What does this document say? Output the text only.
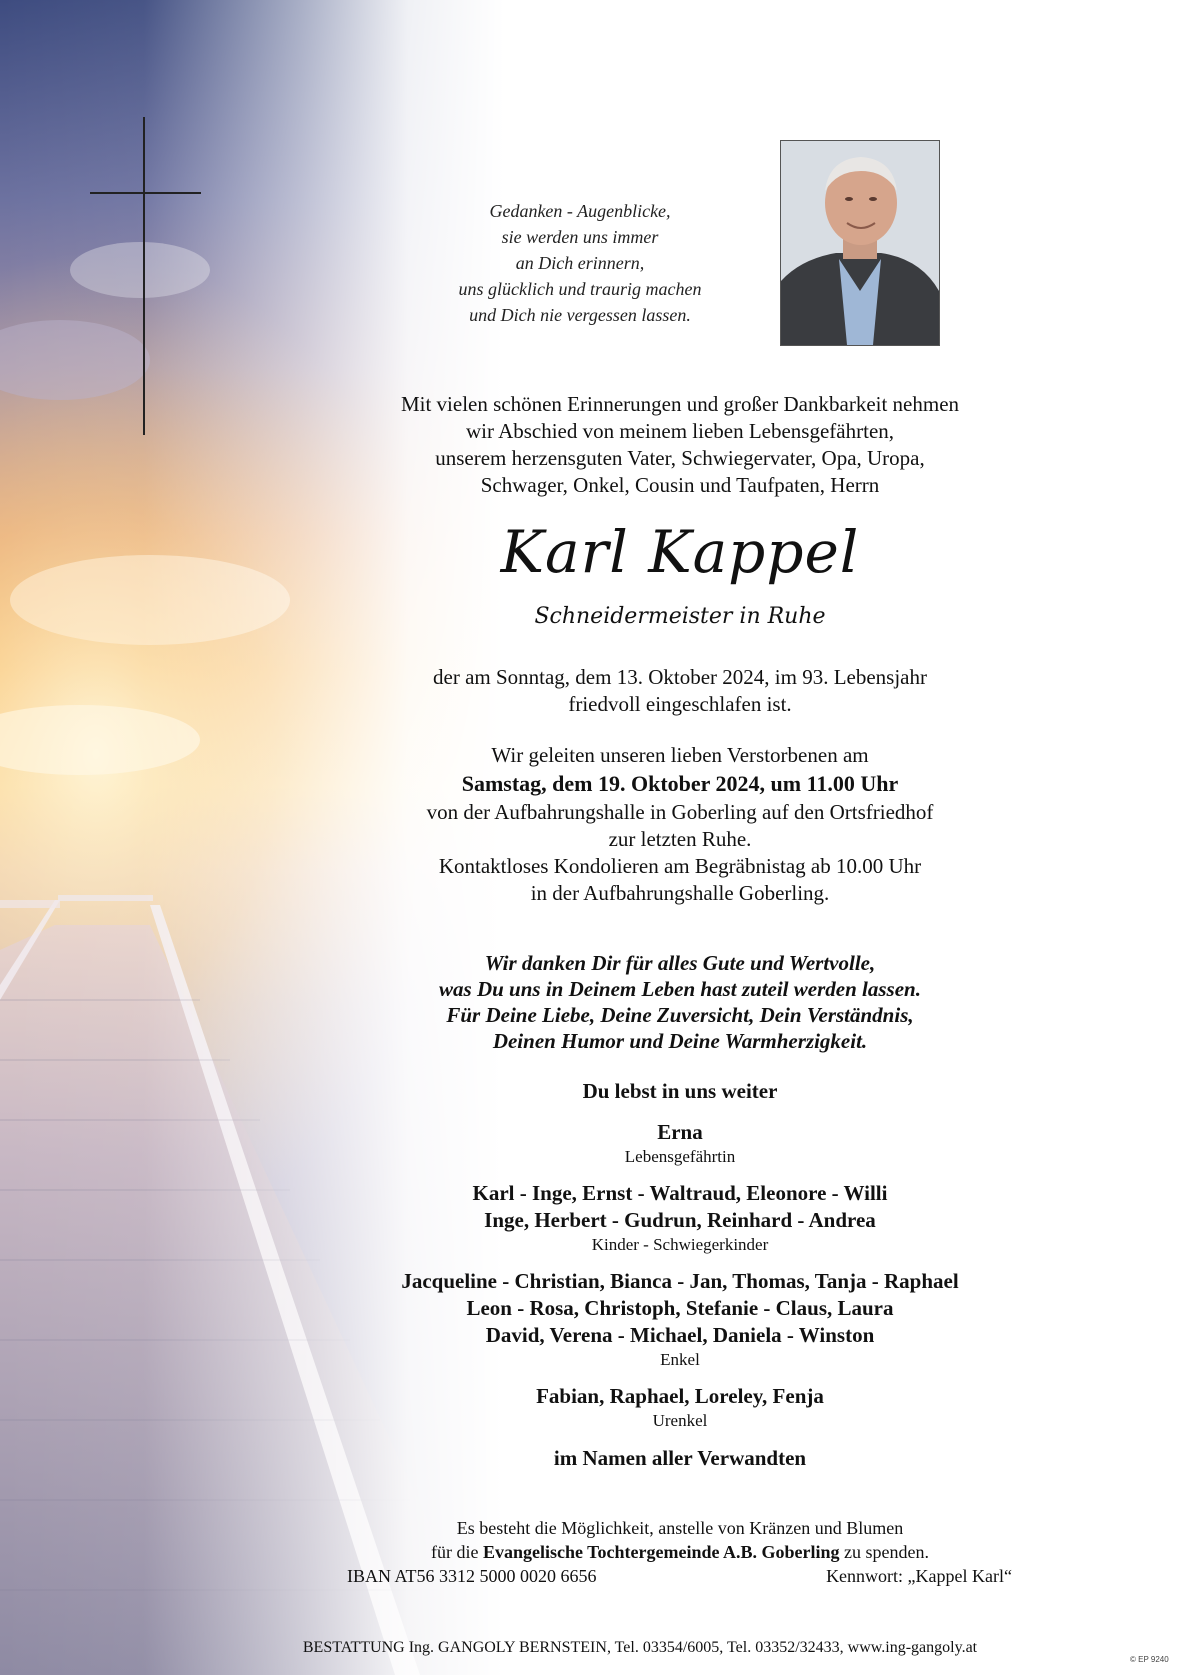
Gedanken - Augenblicke,
sie werden uns immer
an Dich erinnern,
uns glücklich und traurig machen
und Dich nie vergessen lassen.
Mit vielen schönen Erinnerungen und großer Dankbarkeit nehmen
wir Abschied von meinem lieben Lebensgefährten,
unserem herzensguten Vater, Schwiegervater, Opa, Uropa,
Schwager, Onkel, Cousin und Taufpaten, Herrn
Karl Kappel
Schneidermeister in Ruhe
der am Sonntag, dem 13. Oktober 2024, im 93. Lebensjahr
friedvoll eingeschlafen ist.
Wir geleiten unseren lieben Verstorbenen am
Samstag, dem 19. Oktober 2024, um 11.00 Uhr
von der Aufbahrungshalle in Goberling auf den Ortsfriedhof
zur letzten Ruhe.
Kontaktloses Kondolieren am Begräbnistag ab 10.00 Uhr
in der Aufbahrungshalle Goberling.
Wir danken Dir für alles Gute und Wertvolle,
was Du uns in Deinem Leben hast zuteil werden lassen.
Für Deine Liebe, Deine Zuversicht, Dein Verständnis,
Deinen Humor und Deine Warmherzigkeit.
Du lebst in uns weiter
Erna
Lebensgefährtin
Karl - Inge, Ernst - Waltraud, Eleonore - Willi
Inge, Herbert - Gudrun, Reinhard - Andrea
Kinder - Schwiegerkinder
Jacqueline - Christian, Bianca - Jan, Thomas, Tanja - Raphael
Leon - Rosa, Christoph, Stefanie - Claus, Laura
David, Verena - Michael, Daniela - Winston
Enkel
Fabian, Raphael, Loreley, Fenja
Urenkel
im Namen aller Verwandten
Es besteht die Möglichkeit, anstelle von Kränzen und Blumen
für die Evangelische Tochtergemeinde A.B. Goberling zu spenden.
IBAN AT56 3312 5000 0020 6656	Kennwort: „Kappel Karl“
BESTATTUNG Ing. GANGOLY BERNSTEIN, Tel. 03354/6005, Tel. 03352/32433, www.ing-gangoly.at
© EP 9240
